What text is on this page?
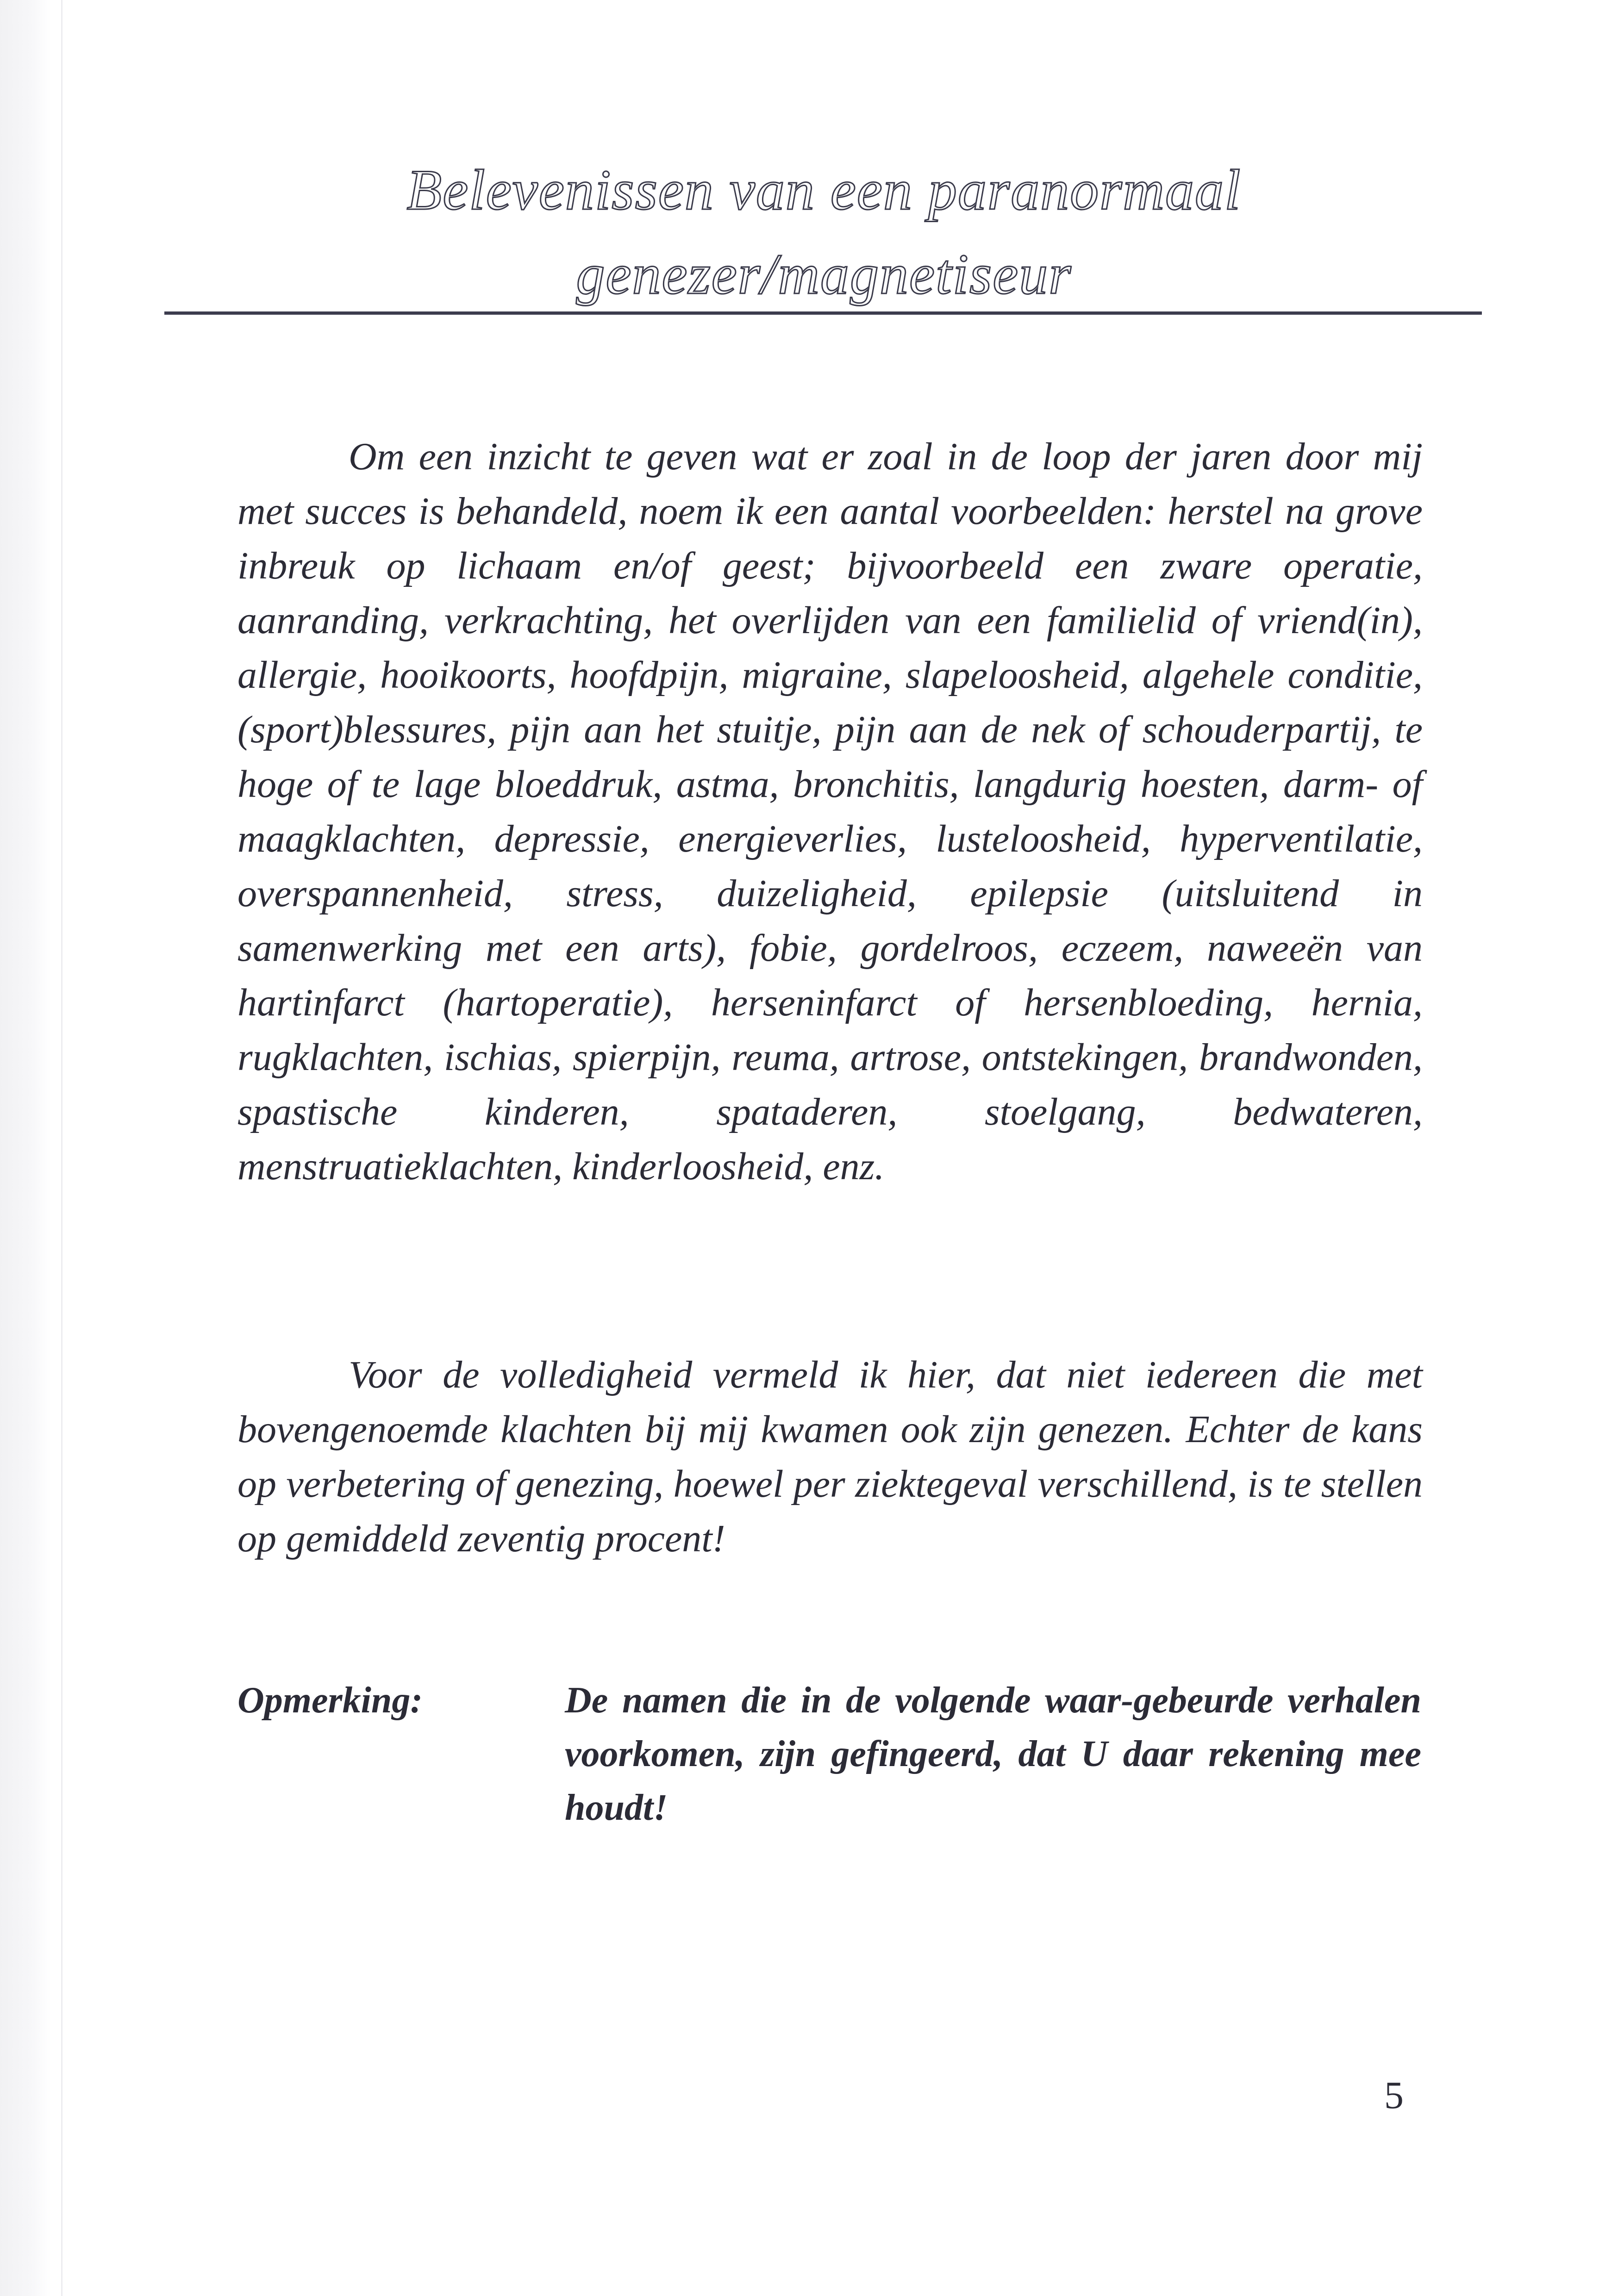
Belevenissen van een paranormaal
genezer/magnetiseur

Om een inzicht te geven wat er zoal in de loop der jaren door mij met succes is behandeld, noem ik een aantal voorbeelden: herstel na grove inbreuk op lichaam en/of geest; bijvoorbeeld een zware operatie, aanranding, verkrachting, het overlijden van een familielid of vriend(in), allergie, hooikoorts, hoofdpijn, migraine, slapeloosheid, algehele conditie, (sport)blessures, pijn aan het stuitje, pijn aan de nek of schouderpartij, te hoge of te lage bloeddruk, astma, bronchitis, langdurig hoesten, darm- of maagklachten, depressie, energieverlies, lusteloosheid, hyperventilatie, overspannenheid, stress, duizeligheid, epilepsie (uitsluitend in samenwerking met een arts), fobie, gordelroos, eczeem, naweeën van hartinfarct (hartoperatie), herseninfarct of hersenbloeding, hernia, rugklachten, ischias, spierpijn, reuma, artrose, ontstekingen, brandwonden, spastische kinderen, spataderen, stoelgang, bedwateren, menstruatieklachten, kinderloosheid, enz.

Voor de volledigheid vermeld ik hier, dat niet iedereen die met bovengenoemde klachten bij mij kwamen ook zijn genezen. Echter de kans op verbetering of genezing, hoewel per ziektegeval verschillend, is te stellen op gemiddeld zeventig procent!

Opmerking:	De namen die in de volgende waar-gebeurde verhalen voorkomen, zijn gefingeerd, dat U daar rekening mee houdt!

5
